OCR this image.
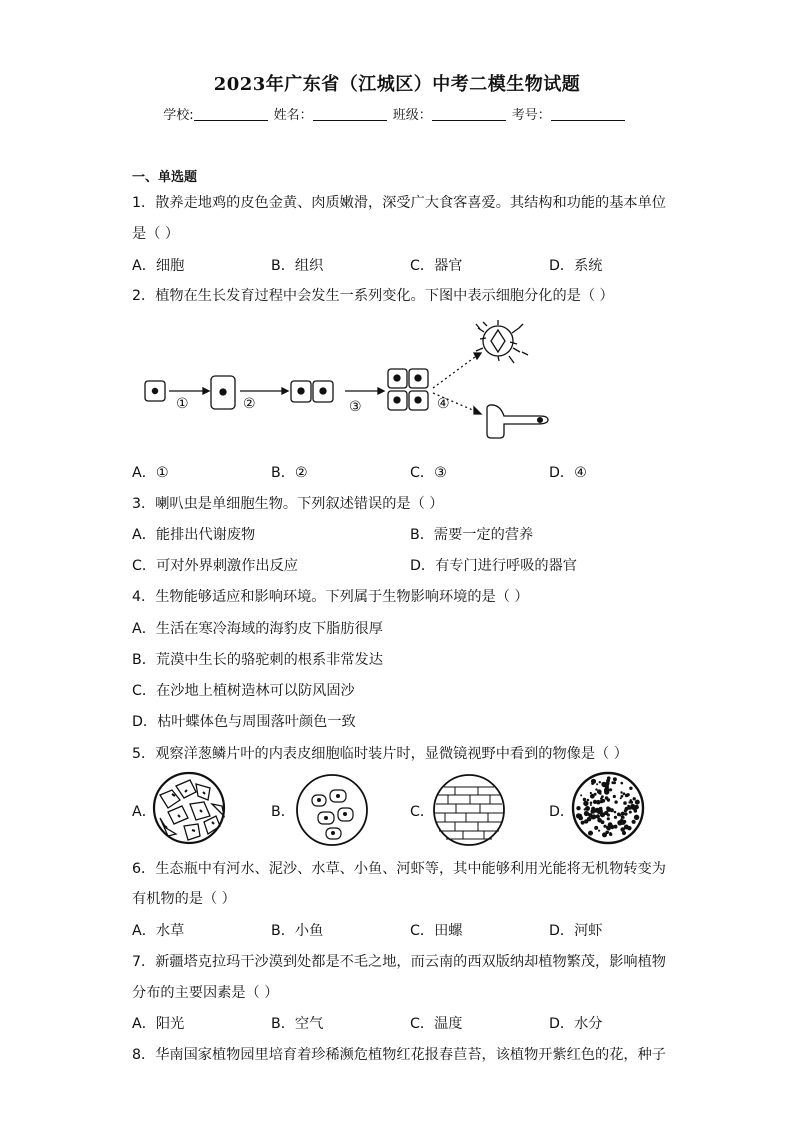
2023年广东省（江城区）中考二模生物试题
学校:	姓名：	班级：	考号：
一、单选题
1．散养走地鸡的皮色金黄、肉质嫩滑，深受广大食客喜爱。其结构和功能的基本单位
是（ ）
A．细胞	B．组织	C．器官	D．系统
2．植物在生长发育过程中会发生一系列变化。下图中表示细胞分化的是（ ）
①	②	③	④
A．①	B．②	C．③	D．④
3．喇叭虫是单细胞生物。下列叙述错误的是（ ）
A．能排出代谢废物	B．需要一定的营养
C．可对外界刺激作出反应	D．有专门进行呼吸的器官
4．生物能够适应和影响环境。下列属于生物影响环境的是（ ）
A．生活在寒冷海域的海豹皮下脂肪很厚
B．荒漠中生长的骆驼刺的根系非常发达
C．在沙地上植树造林可以防风固沙
D．枯叶蝶体色与周围落叶颜色一致
5．观察洋葱鳞片叶的内表皮细胞临时装片时，显微镜视野中看到的物像是（ ）
A．	B．	C．	D．
6．生态瓶中有河水、泥沙、水草、小鱼、河虾等，其中能够利用光能将无机物转变为
有机物的是（ ）
A．水草	B．小鱼	C．田螺	D．河虾
7．新疆塔克拉玛干沙漠到处都是不毛之地，而云南的西双版纳却植物繁茂，影响植物
分布的主要因素是（ ）
A．阳光	B．空气	C．温度	D．水分
8．华南国家植物园里培育着珍稀濒危植物红花报春苣苔，该植物开紫红色的花，种子
